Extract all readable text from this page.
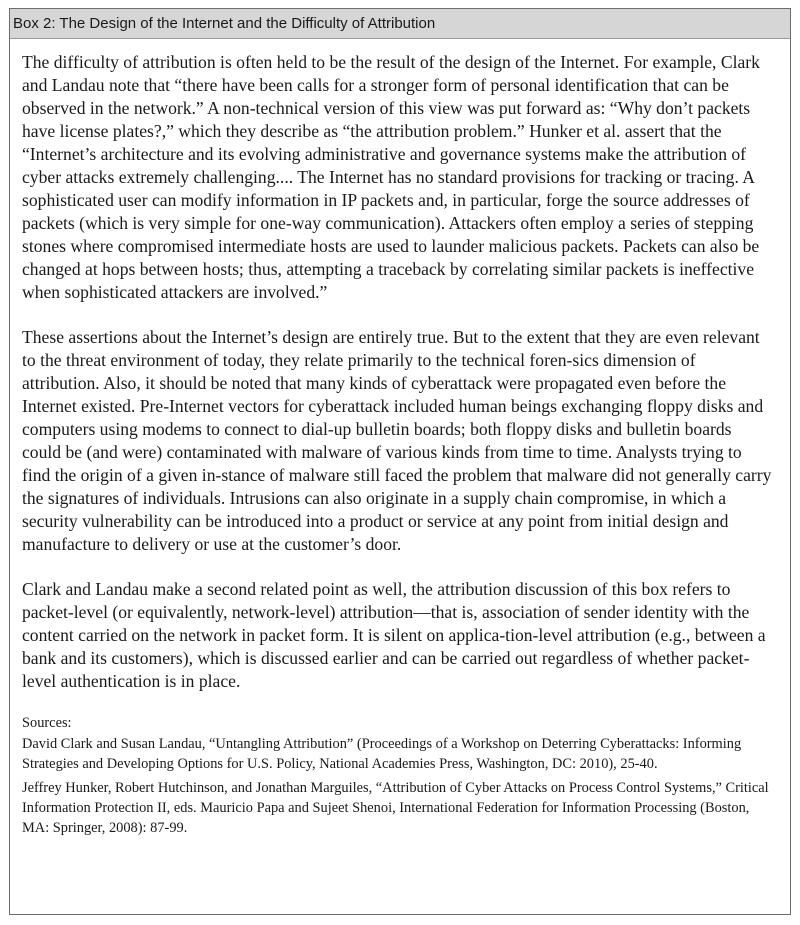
Box 2: The Design of the Internet and the Difficulty of Attribution

The difficulty of attribution is often held to be the result of the design of the Internet. For example, Clark and Landau note that “there have been calls for a stronger form of personal identification that can be observed in the network.” A non-technical version of this view was put forward as: “Why don’t packets have license plates?,” which they describe as “the attribution problem.” Hunker et al. assert that the “Internet’s architecture and its evolving administrative and governance systems make the attribution of cyber attacks extremely challenging.... The Internet has no standard provisions for tracking or tracing. A sophisticated user can modify information in IP packets and, in particular, forge the source addresses of packets (which is very simple for one-way communication). Attackers often employ a series of stepping stones where compromised intermediate hosts are used to launder malicious packets. Packets can also be changed at hops between hosts; thus, attempting a traceback by correlating similar packets is ineffective when sophisticated attackers are involved.”

These assertions about the Internet’s design are entirely true. But to the extent that they are even relevant to the threat environment of today, they relate primarily to the technical foren-sics dimension of attribution. Also, it should be noted that many kinds of cyberattack were propagated even before the Internet existed. Pre-Internet vectors for cyberattack included human beings exchanging floppy disks and computers using modems to connect to dial-up bulletin boards; both floppy disks and bulletin boards could be (and were) contaminated with malware of various kinds from time to time. Analysts trying to find the origin of a given in-stance of malware still faced the problem that malware did not generally carry the signatures of individuals. Intrusions can also originate in a supply chain compromise, in which a security vulnerability can be introduced into a product or service at any point from initial design and manufacture to delivery or use at the customer’s door.

Clark and Landau make a second related point as well, the attribution discussion of this box refers to packet-level (or equivalently, network-level) attribution—that is, association of sender identity with the content carried on the network in packet form. It is silent on applica-tion-level attribution (e.g., between a bank and its customers), which is discussed earlier and can be carried out regardless of whether packet-level authentication is in place.

Sources:

David Clark and Susan Landau, “Untangling Attribution” (Proceedings of a Workshop on Deterring Cyberattacks: Informing Strategies and Developing Options for U.S. Policy, National Academies Press, Washington, DC: 2010), 25-40.

Jeffrey Hunker, Robert Hutchinson, and Jonathan Marguiles, “Attribution of Cyber Attacks on Process Control Systems,” Critical Information Protection II, eds. Mauricio Papa and Sujeet Shenoi, International Federation for Information Processing (Boston, MA: Springer, 2008): 87-99.
